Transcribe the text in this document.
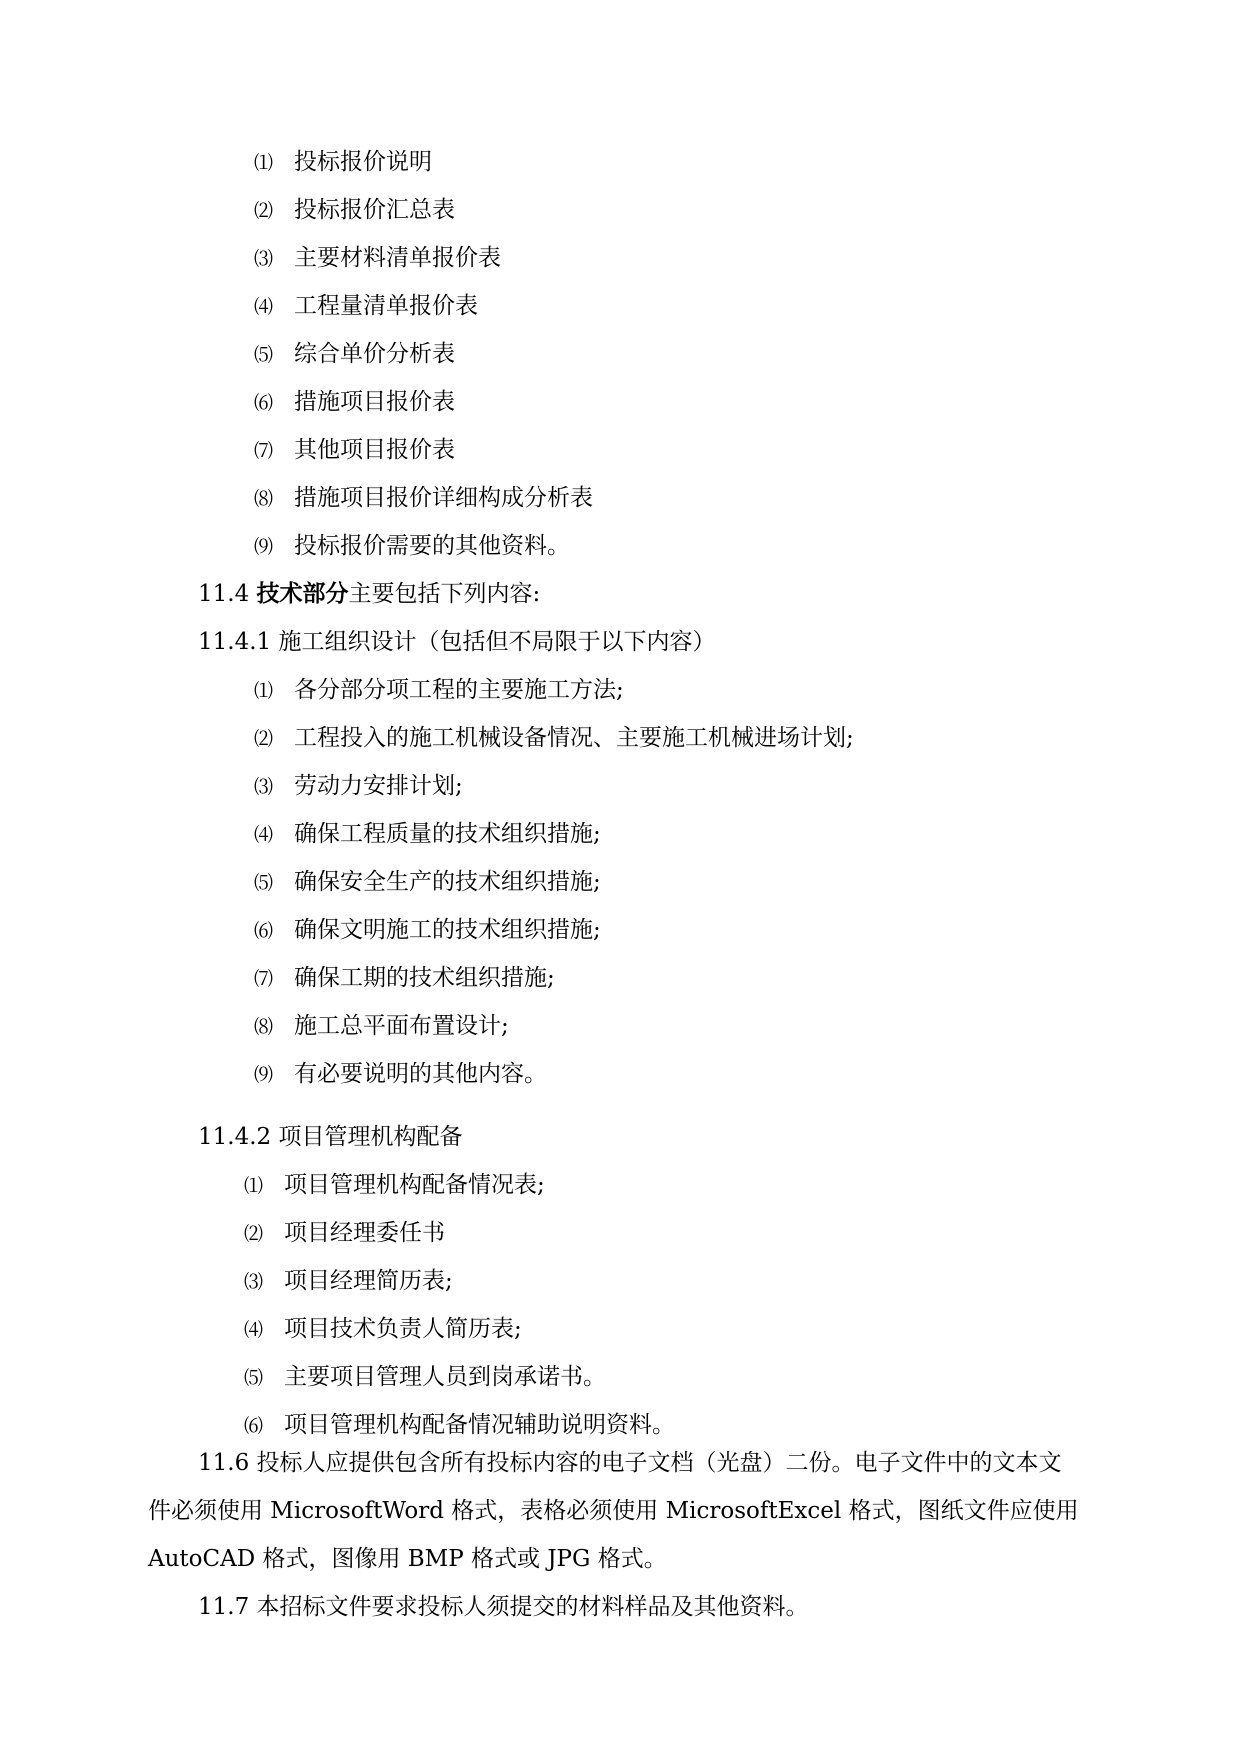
⑴ 投标报价说明
⑵ 投标报价汇总表
⑶ 主要材料清单报价表
⑷ 工程量清单报价表
⑸ 综合单价分析表
⑹ 措施项目报价表
⑺ 其他项目报价表
⑻ 措施项目报价详细构成分析表
⑼ 投标报价需要的其他资料。
11.4 技术部分主要包括下列内容:
11.4.1 施工组织设计（包括但不局限于以下内容）
⑴ 各分部分项工程的主要施工方法;
⑵ 工程投入的施工机械设备情况、主要施工机械进场计划;
⑶ 劳动力安排计划;
⑷ 确保工程质量的技术组织措施;
⑸ 确保安全生产的技术组织措施;
⑹ 确保文明施工的技术组织措施;
⑺ 确保工期的技术组织措施;
⑻ 施工总平面布置设计;
⑼ 有必要说明的其他内容。
11.4.2 项目管理机构配备
⑴ 项目管理机构配备情况表;
⑵ 项目经理委任书
⑶ 项目经理简历表;
⑷ 项目技术负责人简历表;
⑸ 主要项目管理人员到岗承诺书。
⑹ 项目管理机构配备情况辅助说明资料。
11.6 投标人应提供包含所有投标内容的电子文档（光盘）二份。电子文件中的文本文
件必须使用 MicrosoftWord 格式，表格必须使用 MicrosoftExcel 格式，图纸文件应使用
AutoCAD 格式，图像用 BMP 格式或 JPG 格式。
11.7 本招标文件要求投标人须提交的材料样品及其他资料。
